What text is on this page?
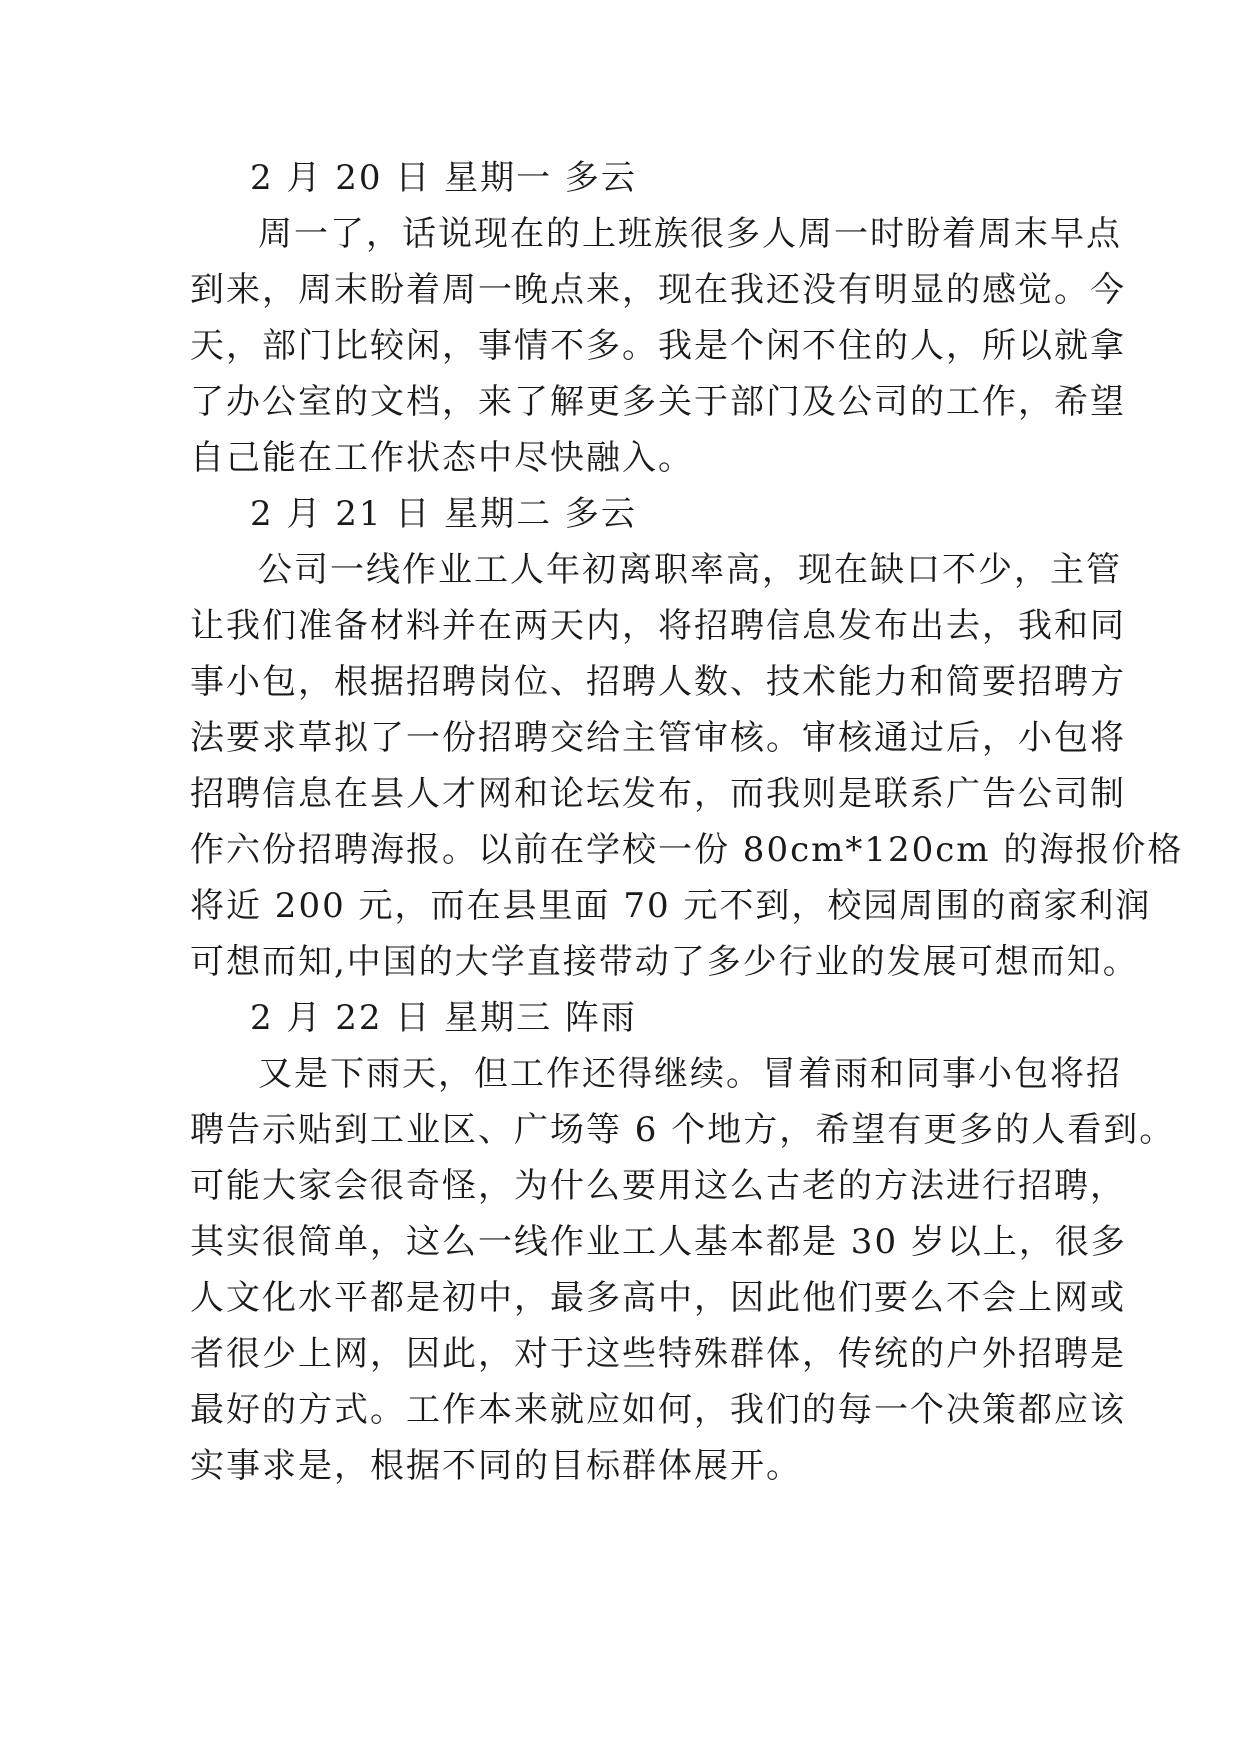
2 月 20 日 星期一 多云

周一了，话说现在的上班族很多人周一时盼着周末早点

到来，周末盼着周一晚点来，现在我还没有明显的感觉。今

天，部门比较闲，事情不多。我是个闲不住的人，所以就拿

了办公室的文档，来了解更多关于部门及公司的工作，希望

自己能在工作状态中尽快融入。

2 月 21 日 星期二 多云

公司一线作业工人年初离职率高，现在缺口不少，主管

让我们准备材料并在两天内，将招聘信息发布出去，我和同

事小包，根据招聘岗位、招聘人数、技术能力和简要招聘方

法要求草拟了一份招聘交给主管审核。审核通过后，小包将

招聘信息在县人才网和论坛发布，而我则是联系广告公司制

作六份招聘海报。以前在学校一份 80cm*120cm 的海报价格

将近 200 元，而在县里面 70 元不到，校园周围的商家利润

可想而知,中国的大学直接带动了多少行业的发展可想而知。

2 月 22 日 星期三 阵雨

又是下雨天，但工作还得继续。冒着雨和同事小包将招

聘告示贴到工业区、广场等 6 个地方，希望有更多的人看到。

可能大家会很奇怪，为什么要用这么古老的方法进行招聘，

其实很简单，这么一线作业工人基本都是 30 岁以上，很多

人文化水平都是初中，最多高中，因此他们要么不会上网或

者很少上网，因此，对于这些特殊群体，传统的户外招聘是

最好的方式。工作本来就应如何，我们的每一个决策都应该

实事求是，根据不同的目标群体展开。
